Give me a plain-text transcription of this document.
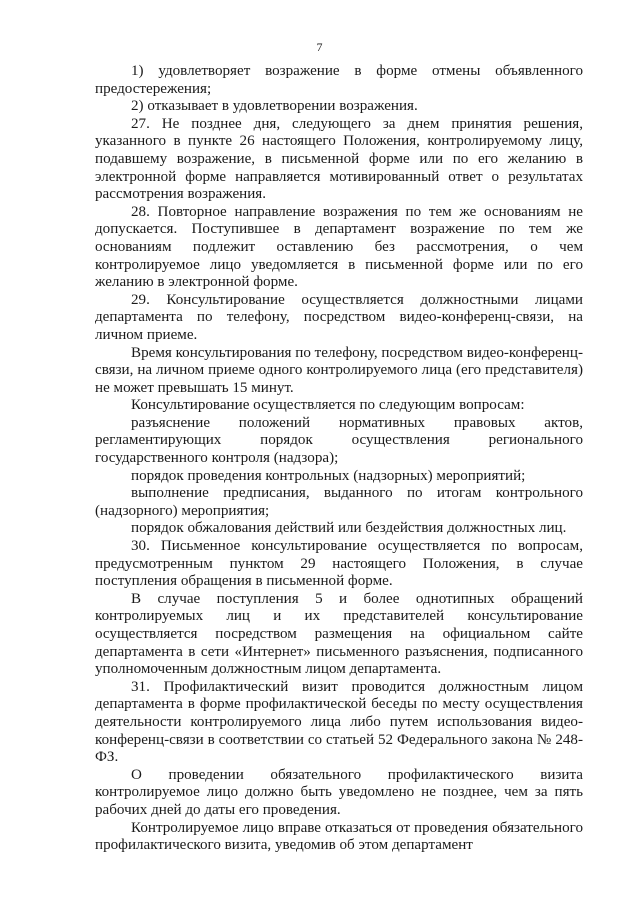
7

1) удовлетворяет возражение в форме отмены объявленного предостережения;

2) отказывает в удовлетворении возражения.

27. Не позднее дня, следующего за днем принятия решения, указанного в пункте 26 настоящего Положения, контролируемому лицу, подавшему возражение, в письменной форме или по его желанию в электронной форме направляется мотивированный ответ о результатах рассмотрения возражения.

28. Повторное направление возражения по тем же основаниям не допускается. Поступившее в департамент возражение по тем же основаниям подлежит оставлению без рассмотрения, о чем контролируемое лицо уведомляется в письменной форме или по его желанию в электронной форме.

29. Консультирование осуществляется должностными лицами департамента по телефону, посредством видео-конференц-связи, на личном приеме.

Время консультирования по телефону, посредством видео-конференц-связи, на личном приеме одного контролируемого лица (его представителя) не может превышать 15 минут.

Консультирование осуществляется по следующим вопросам:

разъяснение положений нормативных правовых актов, регламентирующих порядок осуществления регионального государственного контроля (надзора);

порядок проведения контрольных (надзорных) мероприятий;

выполнение предписания, выданного по итогам контрольного (надзорного) мероприятия;

порядок обжалования действий или бездействия должностных лиц.

30. Письменное консультирование осуществляется по вопросам, предусмотренным пунктом 29 настоящего Положения, в случае поступления обращения в письменной форме.

В случае поступления 5 и более однотипных обращений контролируемых лиц и их представителей консультирование осуществляется посредством размещения на официальном сайте департамента в сети «Интернет» письменного разъяснения, подписанного уполномоченным должностным лицом департамента.

31. Профилактический визит проводится должностным лицом департамента в форме профилактической беседы по месту осуществления деятельности контролируемого лица либо путем использования видео-конференц-связи в соответствии со статьей 52 Федерального закона № 248-ФЗ.

О проведении обязательного профилактического визита контролируемое лицо должно быть уведомлено не позднее, чем за пять рабочих дней до даты его проведения.

Контролируемое лицо вправе отказаться от проведения обязательного профилактического визита, уведомив об этом департамент
